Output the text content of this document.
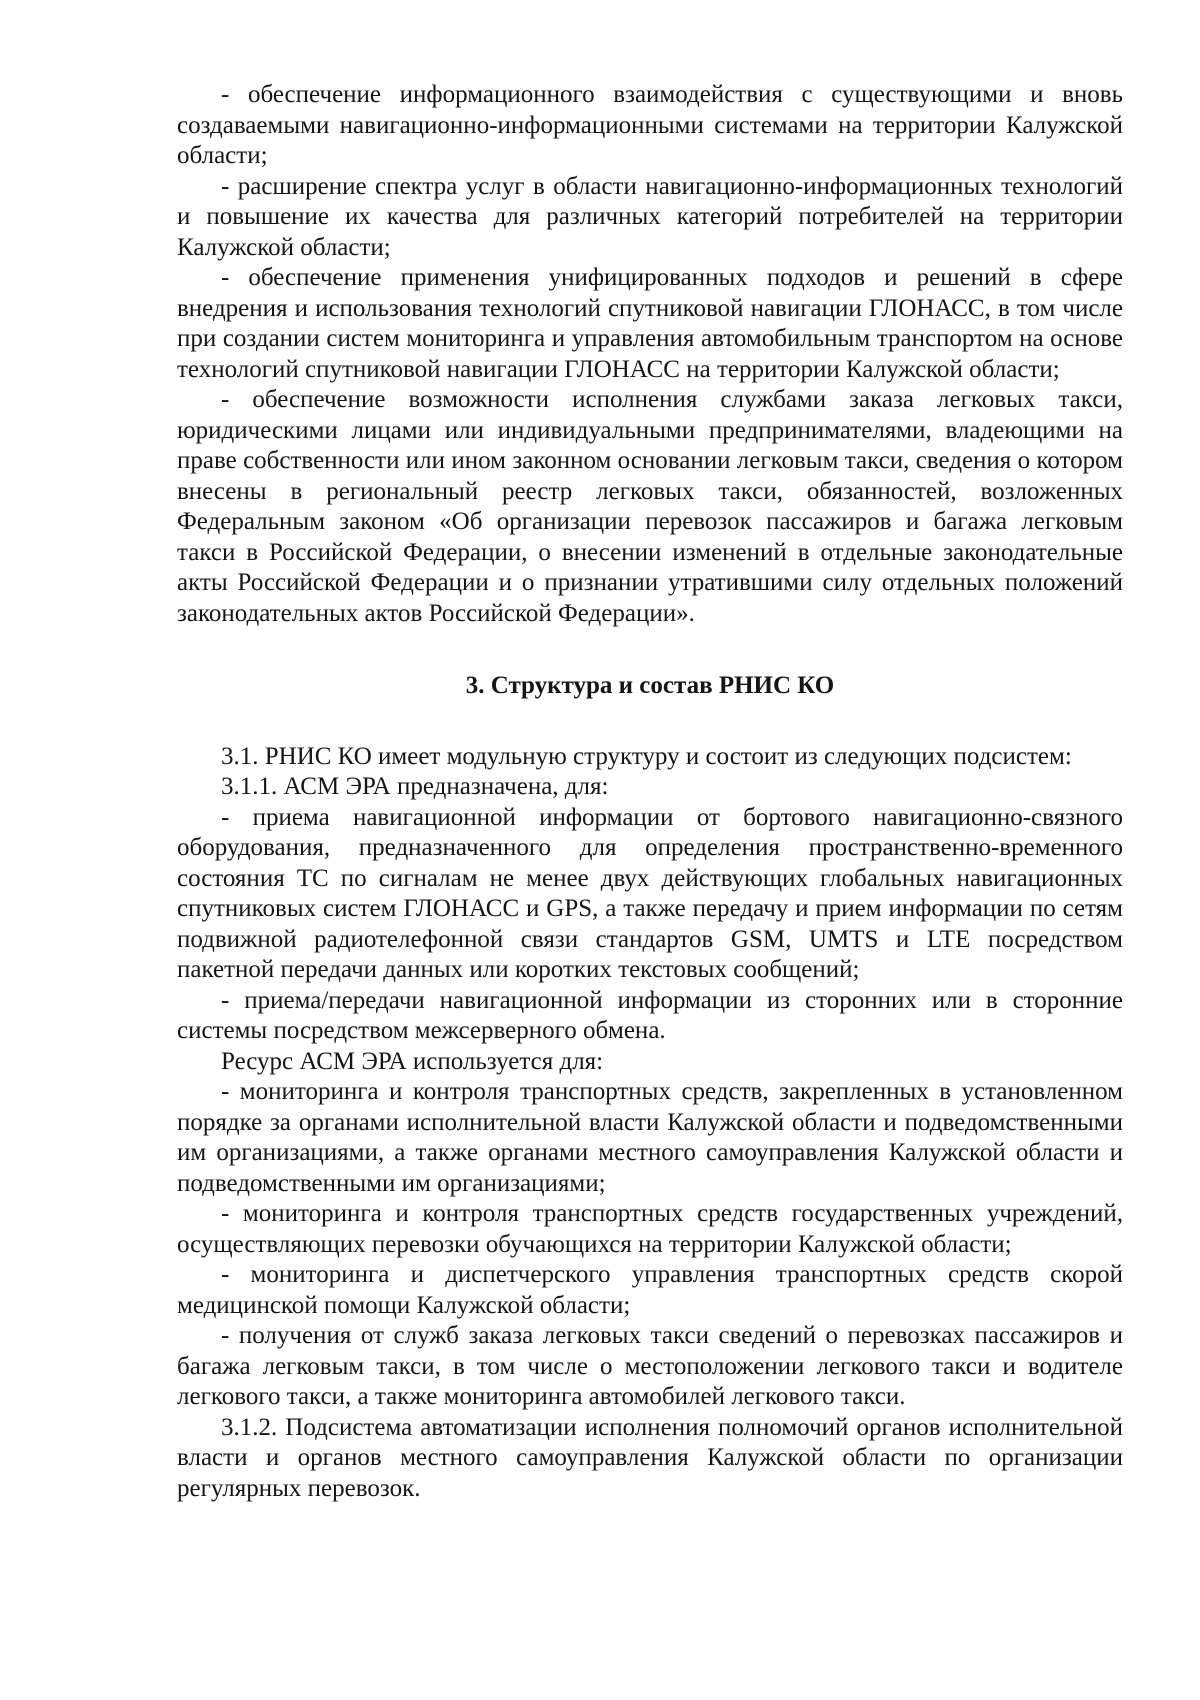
- обеспечение информационного взаимодействия с существующими и вновь создаваемыми навигационно-информационными системами на территории Калужской области;

- расширение спектра услуг в области навигационно-информационных технологий и повышение их качества для различных категорий потребителей на территории Калужской области;

- обеспечение применения унифицированных подходов и решений в сфере внедрения и использования технологий спутниковой навигации ГЛОНАСС, в том числе при создании систем мониторинга и управления автомобильным транспортом на основе технологий спутниковой навигации ГЛОНАСС на территории Калужской области;

- обеспечение возможности исполнения службами заказа легковых такси, юридическими лицами или индивидуальными предпринимателями, владеющими на праве собственности или ином законном основании легковым такси, сведения о котором внесены в региональный реестр легковых такси, обязанностей, возложенных Федеральным законом «Об организации перевозок пассажиров и багажа легковым такси в Российской Федерации, о внесении изменений в отдельные законодательные акты Российской Федерации и о признании утратившими силу отдельных положений законодательных актов Российской Федерации».

3. Структура и состав РНИС КО

3.1. РНИС КО имеет модульную структуру и состоит из следующих подсистем:

3.1.1. АСМ ЭРА предназначена, для:

- приема навигационной информации от бортового навигационно-связного оборудования, предназначенного для определения пространственно-временного состояния ТС по сигналам не менее двух действующих глобальных навигационных спутниковых систем ГЛОНАСС и GPS, а также передачу и прием информации по сетям подвижной радиотелефонной связи стандартов GSM, UMTS и LTE посредством пакетной передачи данных или коротких текстовых сообщений;

- приема/передачи навигационной информации из сторонних или в сторонние системы посредством межсерверного обмена.

Ресурс АСМ ЭРА используется для:

- мониторинга и контроля транспортных средств, закрепленных в установленном порядке за органами исполнительной власти Калужской области и подведомственными им организациями, а также органами местного самоуправления Калужской области и подведомственными им организациями;

- мониторинга и контроля транспортных средств государственных учреждений, осуществляющих перевозки обучающихся на территории Калужской области;

- мониторинга и диспетчерского управления транспортных средств скорой медицинской помощи Калужской области;

- получения от служб заказа легковых такси сведений о перевозках пассажиров и багажа легковым такси, в том числе о местоположении легкового такси и водителе легкового такси, а также мониторинга автомобилей легкового такси.

3.1.2. Подсистема автоматизации исполнения полномочий органов исполнительной власти и органов местного самоуправления Калужской области по организации регулярных перевозок.
